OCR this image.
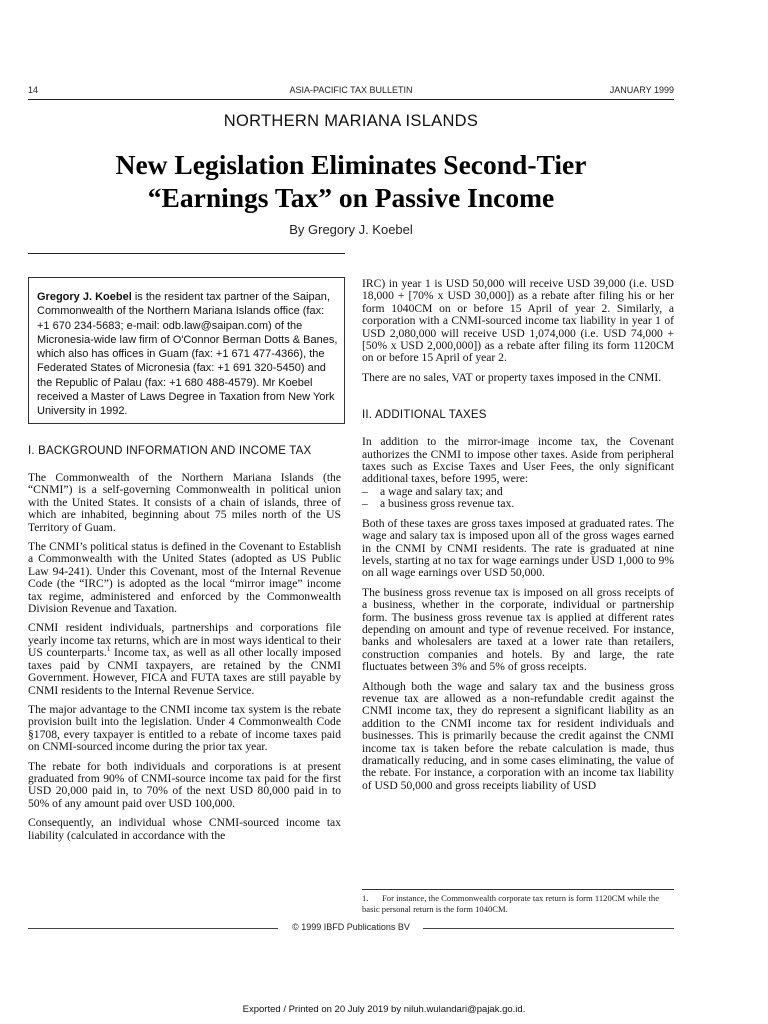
14	ASIA-PACIFIC TAX BULLETIN	JANUARY 1999
NORTHERN MARIANA ISLANDS
New Legislation Eliminates Second-Tier
“Earnings Tax” on Passive Income
By Gregory J. Koebel
Gregory J. Koebel is the resident tax partner of the Saipan, Commonwealth of the Northern Mariana Islands office (fax: +1 670 234-5683; e-mail: odb.law@saipan.com) of the Micronesia-wide law firm of O'Connor Berman Dotts & Banes, which also has offices in Guam (fax: +1 671 477-4366), the Federated States of Micronesia (fax: +1 691 320-5450) and the Republic of Palau (fax: +1 680 488-4579). Mr Koebel received a Master of Laws Degree in Taxation from New York University in 1992.
I. BACKGROUND INFORMATION AND INCOME TAX

The Commonwealth of the Northern Mariana Islands (the “CNMI”) is a self-governing Commonwealth in political union with the United States. It consists of a chain of islands, three of which are inhabited, beginning about 75 miles north of the US Territory of Guam.

The CNMI’s political status is defined in the Covenant to Establish a Commonwealth with the United States (adopted as US Public Law 94-241). Under this Covenant, most of the Internal Revenue Code (the “IRC”) is adopted as the local “mirror image” income tax regime, administered and enforced by the Commonwealth Division Revenue and Taxation.

CNMI resident individuals, partnerships and corporations file yearly income tax returns, which are in most ways identical to their US counterparts.$^1$ Income tax, as well as all other locally imposed taxes paid by CNMI taxpayers, are retained by the CNMI Government. However, FICA and FUTA taxes are still payable by CNMI residents to the Internal Revenue Service.

The major advantage to the CNMI income tax system is the rebate provision built into the legislation. Under 4 Commonwealth Code §1708, every taxpayer is entitled to a rebate of income taxes paid on CNMI-sourced income during the prior tax year.

The rebate for both individuals and corporations is at present graduated from 90% of CNMI-source income tax paid for the first USD 20,000 paid in, to 70% of the next USD 80,000 paid in to 50% of any amount paid over USD 100,000.

Consequently, an individual whose CNMI-sourced income tax liability (calculated in accordance with the

IRC) in year 1 is USD 50,000 will receive USD 39,000 (i.e. USD 18,000 + [70% x USD 30,000]) as a rebate after filing his or her form 1040CM on or before 15 April of year 2. Similarly, a corporation with a CNMI-sourced income tax liability in year 1 of USD 2,080,000 will receive USD 1,074,000 (i.e. USD 74,000 + [50% x USD 2,000,000]) as a rebate after filing its form 1120CM on or before 15 April of year 2.

There are no sales, VAT or property taxes imposed in the CNMI.

II. ADDITIONAL TAXES

In addition to the mirror-image income tax, the Covenant authorizes the CNMI to impose other taxes. Aside from peripheral taxes such as Excise Taxes and User Fees, the only significant additional taxes, before 1995, were:

–	a wage and salary tax; and
–	a business gross revenue tax.

Both of these taxes are gross taxes imposed at graduated rates. The wage and salary tax is imposed upon all of the gross wages earned in the CNMI by CNMI residents. The rate is graduated at nine levels, starting at no tax for wage earnings under USD 1,000 to 9% on all wage earnings over USD 50,000.

The business gross revenue tax is imposed on all gross receipts of a business, whether in the corporate, individual or partnership form. The business gross revenue tax is applied at different rates depending on amount and type of revenue received. For instance, banks and wholesalers are taxed at a lower rate than retailers, construction companies and hotels. By and large, the rate fluctuates between 3% and 5% of gross receipts.

Although both the wage and salary tax and the business gross revenue tax are allowed as a non-refundable credit against the CNMI income tax, they do represent a significant liability as an addition to the CNMI income tax for resident individuals and businesses. This is primarily because the credit against the CNMI income tax is taken before the rebate calculation is made, thus dramatically reducing, and in some cases eliminating, the value of the rebate. For instance, a corporation with an income tax liability of USD 50,000 and gross receipts liability of USD

1. For instance, the Commonwealth corporate tax return is form 1120CM while the basic personal return is the form 1040CM.
© 1999 IBFD Publications BV
Exported / Printed on 20 July 2019 by niluh.wulandari@pajak.go.id.
